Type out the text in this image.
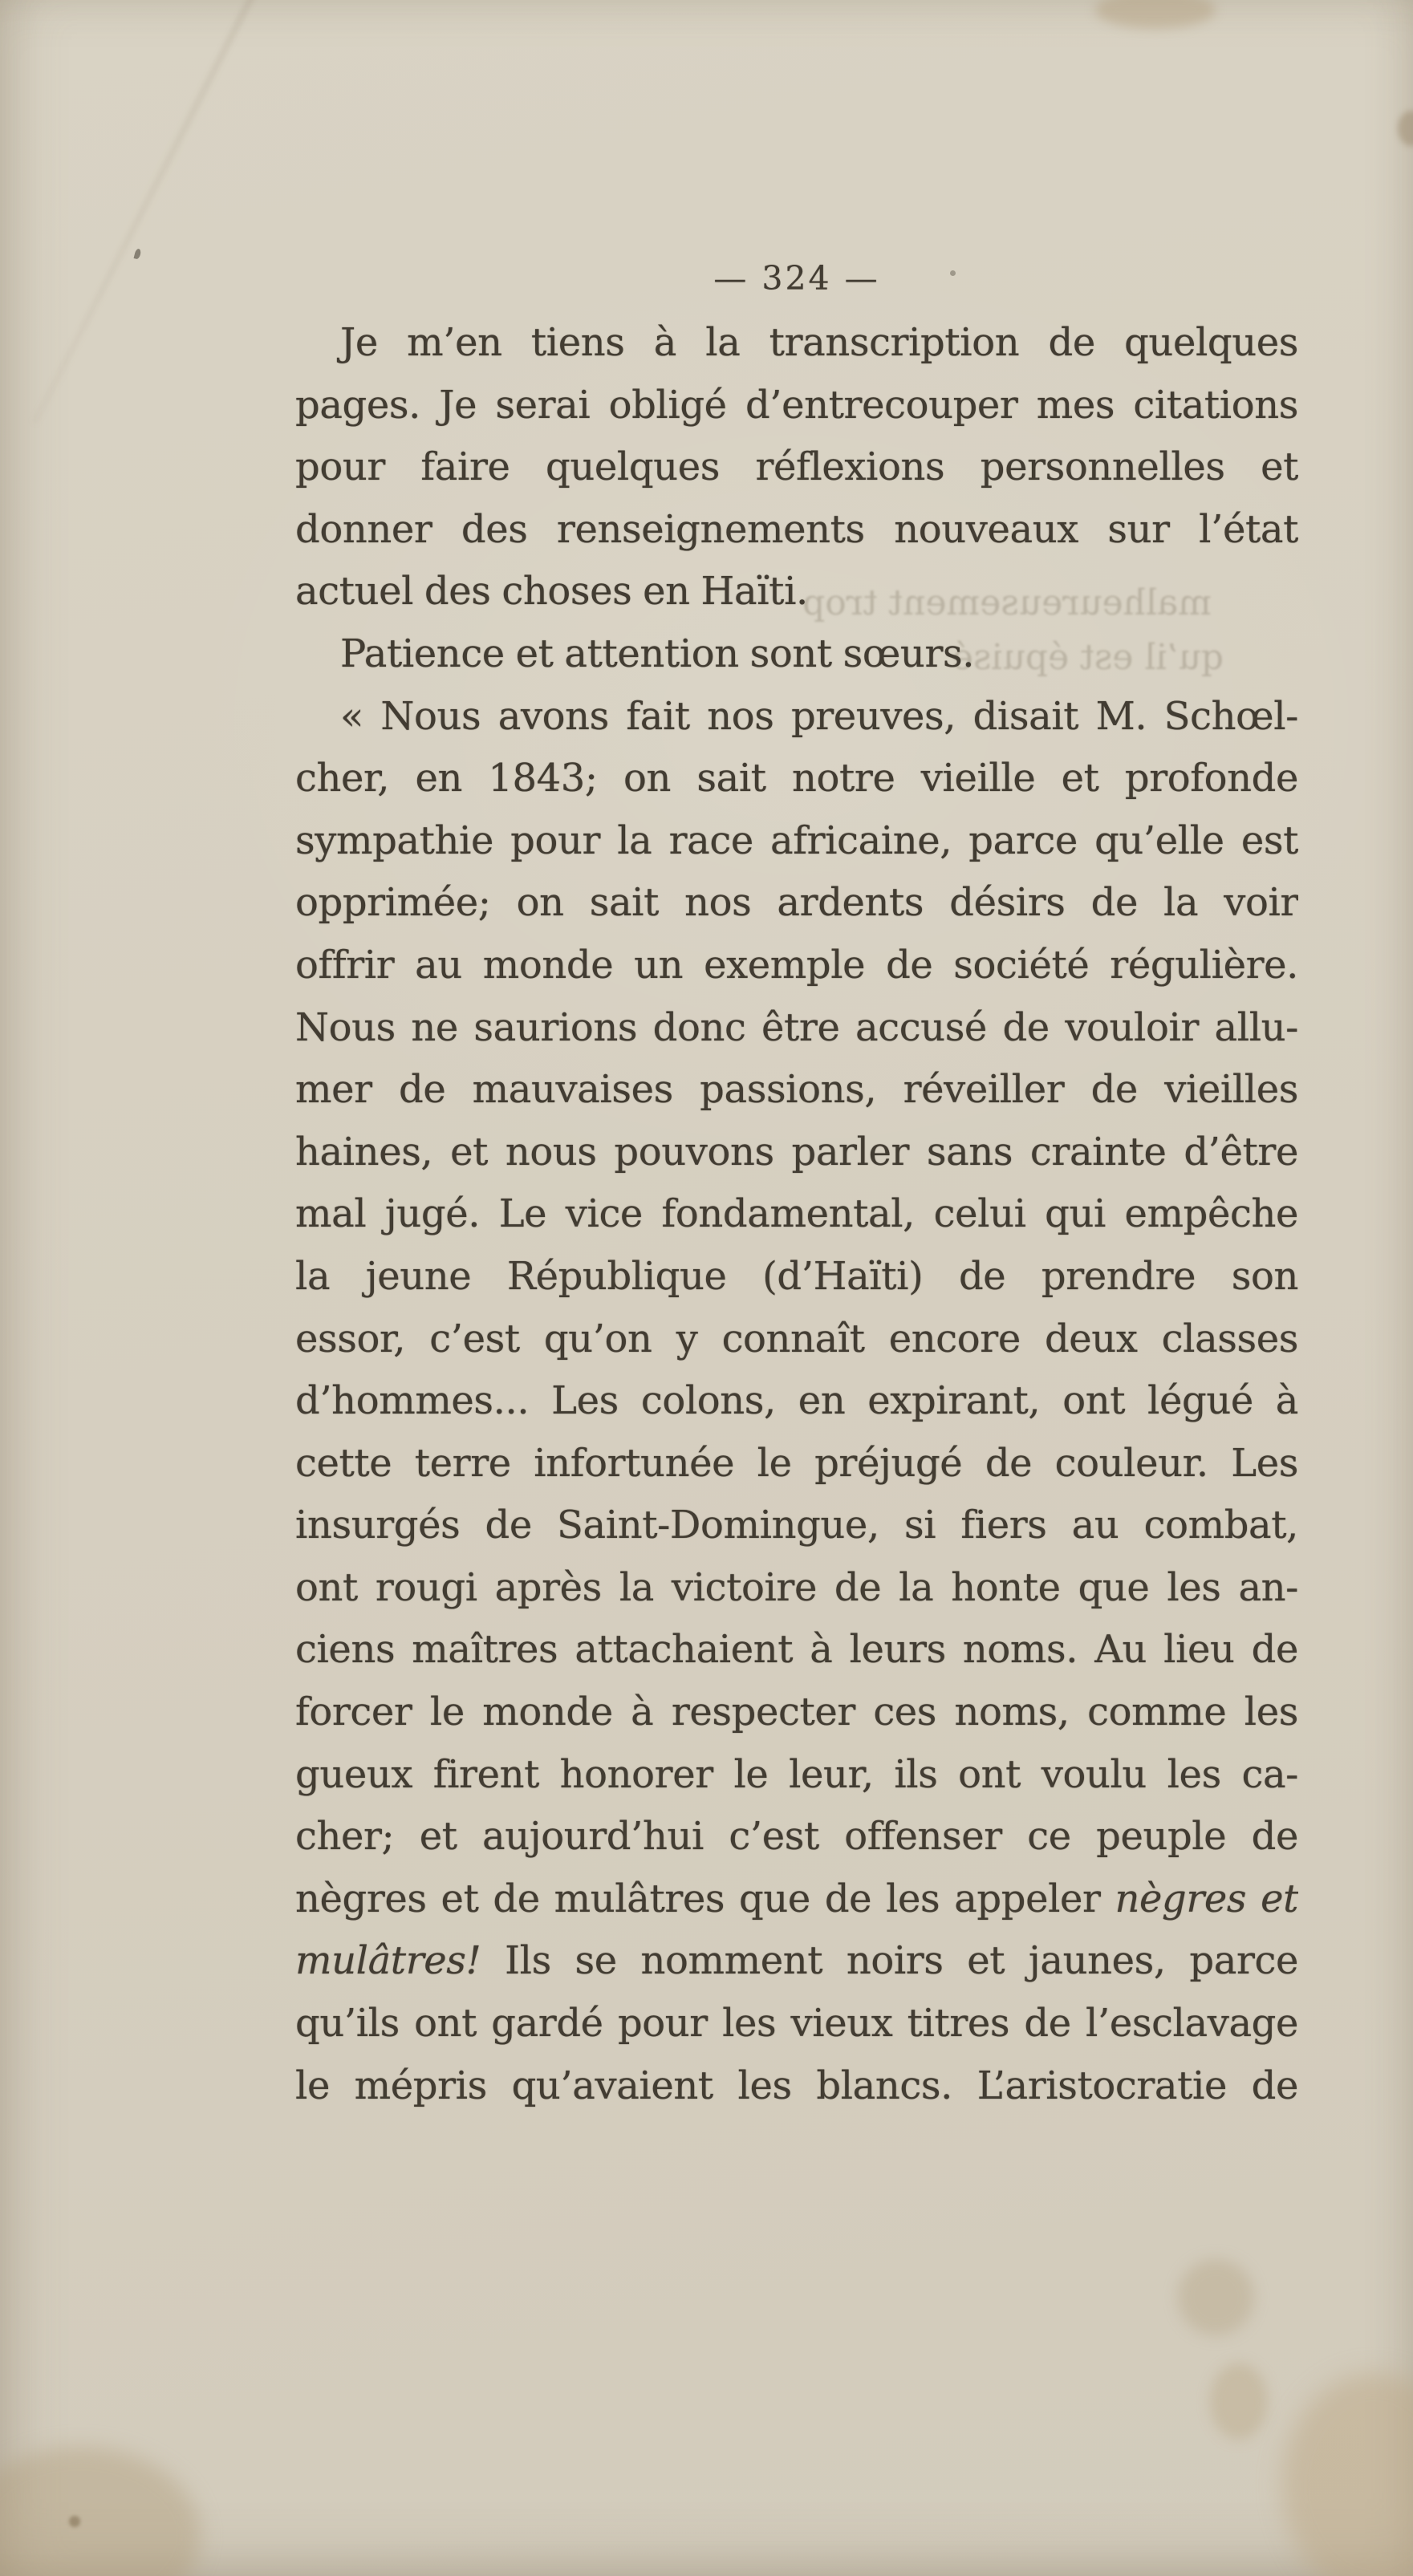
— 324 —
malheureusement trop
qu’il est épuisé
Je m’en tiens à la transcription de quelques
pages. Je serai obligé d’entrecouper mes citations
pour faire quelques réflexions personnelles et
donner des renseignements nouveaux sur l’état
actuel des choses en Haïti.
Patience et attention sont sœurs.
« Nous avons fait nos preuves, disait M. Schœl-
cher, en 1843; on sait notre vieille et profonde
sympathie pour la race africaine, parce qu’elle est
opprimée; on sait nos ardents désirs de la voir
offrir au monde un exemple de société régulière.
Nous ne saurions donc être accusé de vouloir allu-
mer de mauvaises passions, réveiller de vieilles
haines, et nous pouvons parler sans crainte d’être
mal jugé. Le vice fondamental, celui qui empêche
la jeune République (d’Haïti) de prendre son
essor, c’est qu’on y connaît encore deux classes
d’hommes... Les colons, en expirant, ont légué à
cette terre infortunée le préjugé de couleur. Les
insurgés de Saint-Domingue, si fiers au combat,
ont rougi après la victoire de la honte que les an-
ciens maîtres attachaient à leurs noms. Au lieu de
forcer le monde à respecter ces noms, comme les
gueux firent honorer le leur, ils ont voulu les ca-
cher; et aujourd’hui c’est offenser ce peuple de
nègres et de mulâtres que de les appeler nègres et
mulâtres! Ils se nomment noirs et jaunes, parce
qu’ils ont gardé pour les vieux titres de l’esclavage
le mépris qu’avaient les blancs. L’aristocratie de
